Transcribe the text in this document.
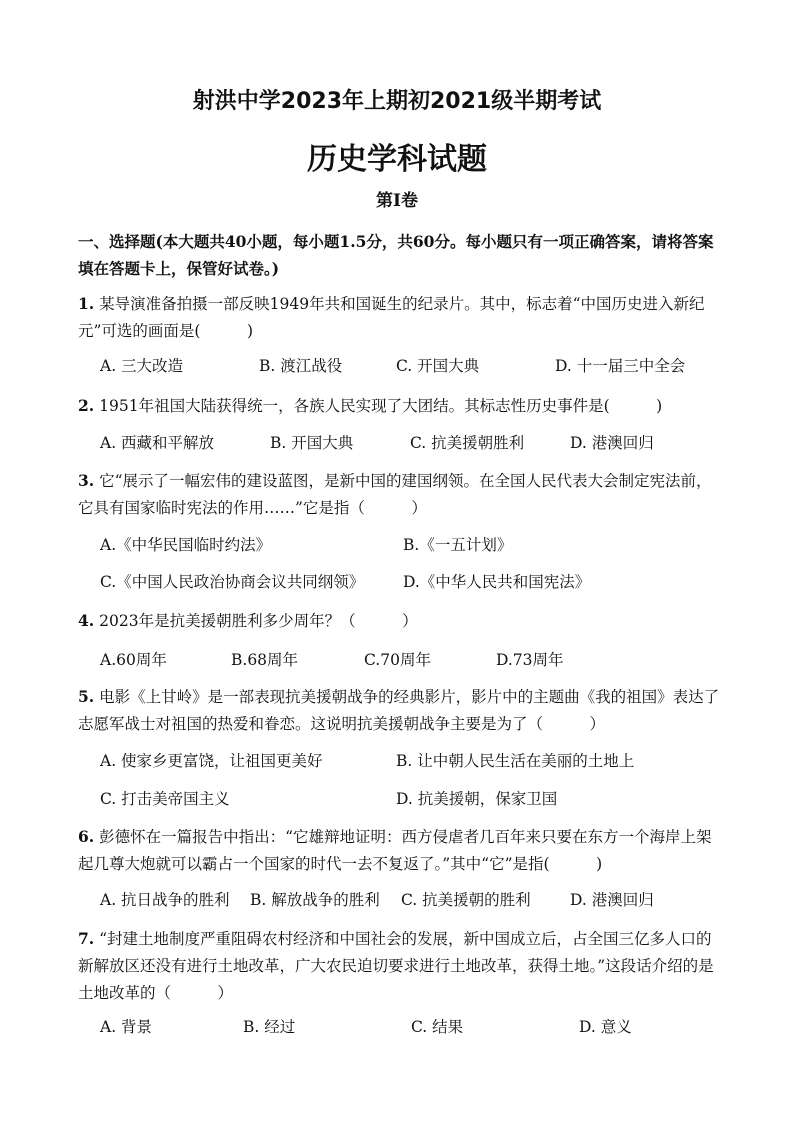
射洪中学2023年上期初2021级半期考试
历史学科试题
第Ⅰ卷
一、选择题(本大题共40小题，每小题1.5分，共60分。每小题只有一项正确答案，请将答案填在答题卡上，保管好试卷。)
1. 某导演准备拍摄一部反映1949年共和国诞生的纪录片。其中，标志着“中国历史进入新纪元”可选的画面是(　　　)
A. 三大改造	B. 渡江战役	C. 开国大典	D. 十一届三中全会
2. 1951年祖国大陆获得统一，各族人民实现了大团结。其标志性历史事件是(　　　)
A. 西藏和平解放	B. 开国大典	C. 抗美援朝胜利	D. 港澳回归
3. 它“展示了一幅宏伟的建设蓝图，是新中国的建国纲领。在全国人民代表大会制定宪法前，它具有国家临时宪法的作用……”它是指（　　　）
A.《中华民国临时约法》	B.《一五计划》
C.《中国人民政治协商会议共同纲领》	D.《中华人民共和国宪法》
4. 2023年是抗美援朝胜利多少周年？（　　　）
A.60周年	B.68周年	C.70周年	D.73周年
5. 电影《上甘岭》是一部表现抗美援朝战争的经典影片，影片中的主题曲《我的祖国》表达了志愿军战士对祖国的热爱和眷恋。这说明抗美援朝战争主要是为了（　　　）
A. 使家乡更富饶，让祖国更美好	B. 让中朝人民生活在美丽的土地上
C. 打击美帝国主义	D. 抗美援朝，保家卫国
6. 彭德怀在一篇报告中指出：“它雄辩地证明：西方侵虐者几百年来只要在东方一个海岸上架起几尊大炮就可以霸占一个国家的时代一去不复返了。”其中“它”是指(　　　)
A. 抗日战争的胜利 B. 解放战争的胜利 C. 抗美援朝的胜利	D. 港澳回归
7. “封建土地制度严重阻碍农村经济和中国社会的发展，新中国成立后，占全国三亿多人口的新解放区还没有进行土地改革，广大农民迫切要求进行土地改革，获得土地。”这段话介绍的是土地改革的（　　　）
A. 背景	B. 经过	C. 结果	D. 意义
